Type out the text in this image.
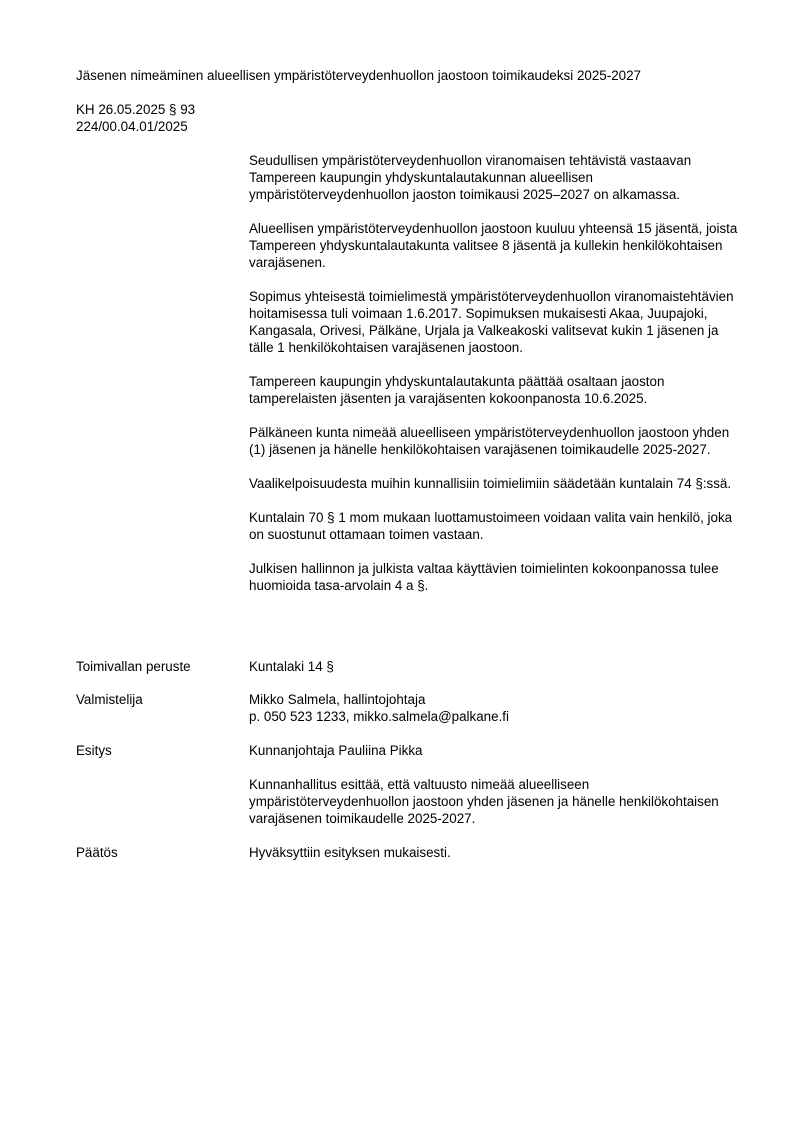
Jäsenen nimeäminen alueellisen ympäristöterveydenhuollon jaostoon toimikaudeksi 2025-2027
KH 26.05.2025 § 93
224/00.04.01/2025

Seudullisen ympäristöterveydenhuollon viranomaisen tehtävistä vastaavan Tampereen kaupungin yhdyskuntalautakunnan alueellisen ympäristöterveydenhuollon jaoston toimikausi 2025–2027 on alkamassa.

Alueellisen ympäristöterveydenhuollon jaostoon kuuluu yhteensä 15 jäsentä, joista Tampereen yhdyskuntalautakunta valitsee 8 jäsentä ja kullekin henkilökohtaisen varajäsenen.

Sopimus yhteisestä toimielimestä ympäristöterveydenhuollon viranomaistehtävien hoitamisessa tuli voimaan 1.6.2017. Sopimuksen mukaisesti Akaa, Juupajoki, Kangasala, Orivesi, Pälkäne, Urjala ja Valkeakoski valitsevat kukin 1 jäsenen ja tälle 1 henkilökohtaisen varajäsenen jaostoon.

Tampereen kaupungin yhdyskuntalautakunta päättää osaltaan jaoston tamperelaisten jäsenten ja varajäsenten kokoonpanosta 10.6.2025.

Pälkäneen kunta nimeää alueelliseen ympäristöterveydenhuollon jaostoon yhden (1) jäsenen ja hänelle henkilökohtaisen varajäsenen toimikaudelle 2025-2027.

Vaalikelpoisuudesta muihin kunnallisiin toimielimiin säädetään kuntalain 74 §:ssä.

Kuntalain 70 § 1 mom mukaan luottamustoimeen voidaan valita vain henkilö, joka on suostunut ottamaan toimen vastaan.

Julkisen hallinnon ja julkista valtaa käyttävien toimielinten kokoonpanossa tulee huomioida tasa-arvolain 4 a §.

Toimivallan peruste	Kuntalaki 14 §
Valmistelija	Mikko Salmela, hallintojohtaja
p. 050 523 1233, mikko.salmela@palkane.fi
Esitys	Kunnanjohtaja Pauliina Pikka

Kunnanhallitus esittää, että valtuusto nimeää alueelliseen ympäristöterveydenhuollon jaostoon yhden jäsenen ja hänelle henkilökohtaisen varajäsenen toimikaudelle 2025-2027.

Päätös	Hyväksyttiin esityksen mukaisesti.
